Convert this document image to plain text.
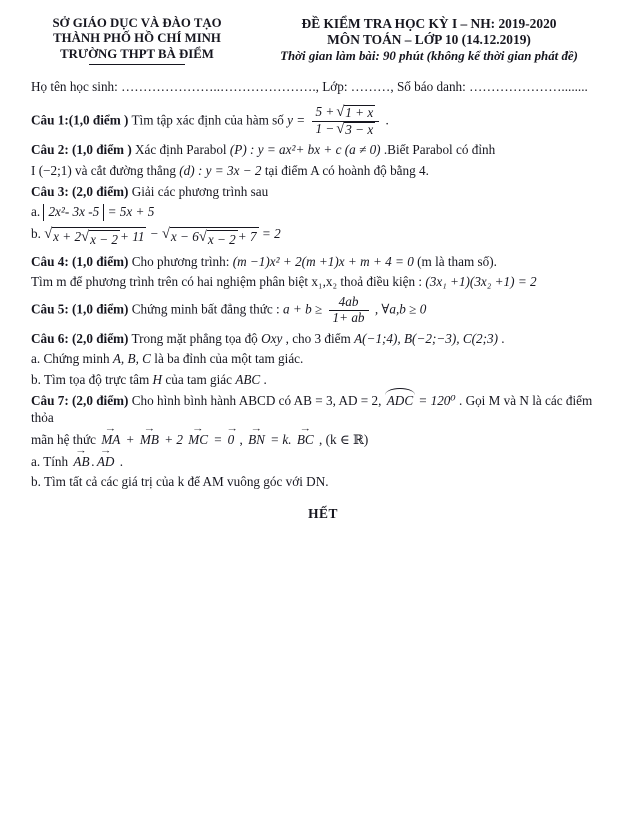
SỞ GIÁO DỤC VÀ ĐÀO TẠO
THÀNH PHỐ HỒ CHÍ MINH
TRƯỜNG THPT BÀ ĐIỂM
ĐỀ KIỂM TRA HỌC KỲ I – NH: 2019-2020
MÔN TOÁN – LỚP 10 (14.12.2019)
Thời gian làm bài: 90 phút (không kể thời gian phát đề)

Họ tên học sinh: …………………..…………………., Lớp: ………, Số báo danh: …………………........

Câu 1:(1,0 điểm ) Tìm tập xác định của hàm số $y = \frac{5 + √ 1 + x}{1 - √ 3 - x}$ .

Câu 2: (1,0 điểm ) Xác định Parabol (P) : y = ax²+ bx + c (a ≠ 0) .Biết Parabol có đỉnh

I (−2;1) và cắt đường thẳng (d) : y = 3x − 2 tại điểm A có hoành độ bằng 4.

Câu 3: (2,0 điểm) Giải các phương trình sau

a. 2x²- 3x -5 = 5x + 5

b. √ x + 2 √ x − 2 + 11 − √ x − 6 √ x − 2 + 7 = 2

Câu 4: (1,0 điểm) Cho phương trình: (m −1)x² + 2(m +1)x + m + 4 = 0 (m là tham số).

Tìm m để phương trình trên có hai nghiệm phân biệt x₁,x₂ thoả điều kiện : (3x₁ +1)(3x₂ +1) = 2

Câu 5: (1,0 điểm) Chứng minh bất đẳng thức : $a + b \ge \frac{4ab}{1+ ab}$ , ∀a,b ≥ 0

Câu 6: (2,0 điểm) Trong mặt phẳng tọa độ Oxy , cho 3 điểm A(−1;4), B(−2;−3), C(2;3) .

a. Chứng minh A, B, C là ba đỉnh của một tam giác.

b. Tìm tọa độ trực tâm H của tam giác ABC .

Câu 7: (2,0 điểm) Cho hình bình hành ABCD có AB = 3, AD = 2, ADC = 120⁰ . Gọi M và N là các điểm thỏa

mãn hệ thức
→
MA +
→
MB + 2
→
MC =
→
0 ,
→
BN = k.
→
BC , (k ∈ ℝ)

a. Tính
→
AB .
→
AD .

b. Tìm tất cả các giá trị của k để AM vuông góc với DN.

HẾT
